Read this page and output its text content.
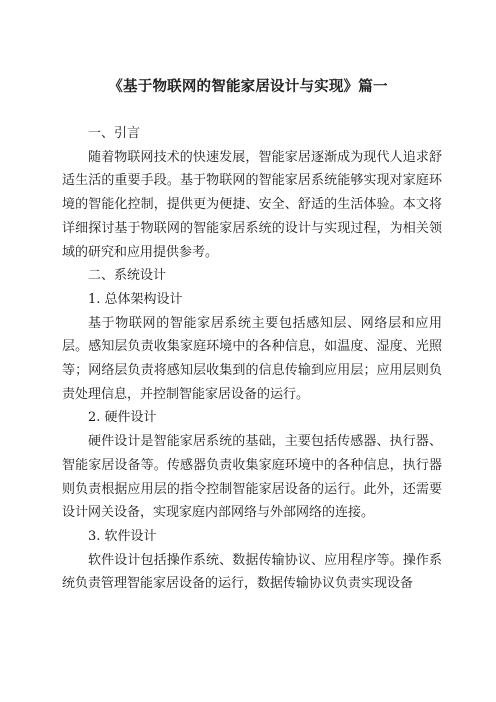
《基于物联网的智能家居设计与实现》篇一

一、引言

随着物联网技术的快速发展，智能家居逐渐成为现代人追求舒适生活的重要手段。基于物联网的智能家居系统能够实现对家庭环境的智能化控制，提供更为便捷、安全、舒适的生活体验。本文将详细探讨基于物联网的智能家居系统的设计与实现过程，为相关领域的研究和应用提供参考。

二、系统设计

1. 总体架构设计

基于物联网的智能家居系统主要包括感知层、网络层和应用层。感知层负责收集家庭环境中的各种信息，如温度、湿度、光照等；网络层负责将感知层收集到的信息传输到应用层；应用层则负责处理信息，并控制智能家居设备的运行。

2. 硬件设计

硬件设计是智能家居系统的基础，主要包括传感器、执行器、智能家居设备等。传感器负责收集家庭环境中的各种信息，执行器则负责根据应用层的指令控制智能家居设备的运行。此外，还需要设计网关设备，实现家庭内部网络与外部网络的连接。

3. 软件设计

软件设计包括操作系统、数据传输协议、应用程序等。操作系统负责管理智能家居设备的运行，数据传输协议负责实现设备
